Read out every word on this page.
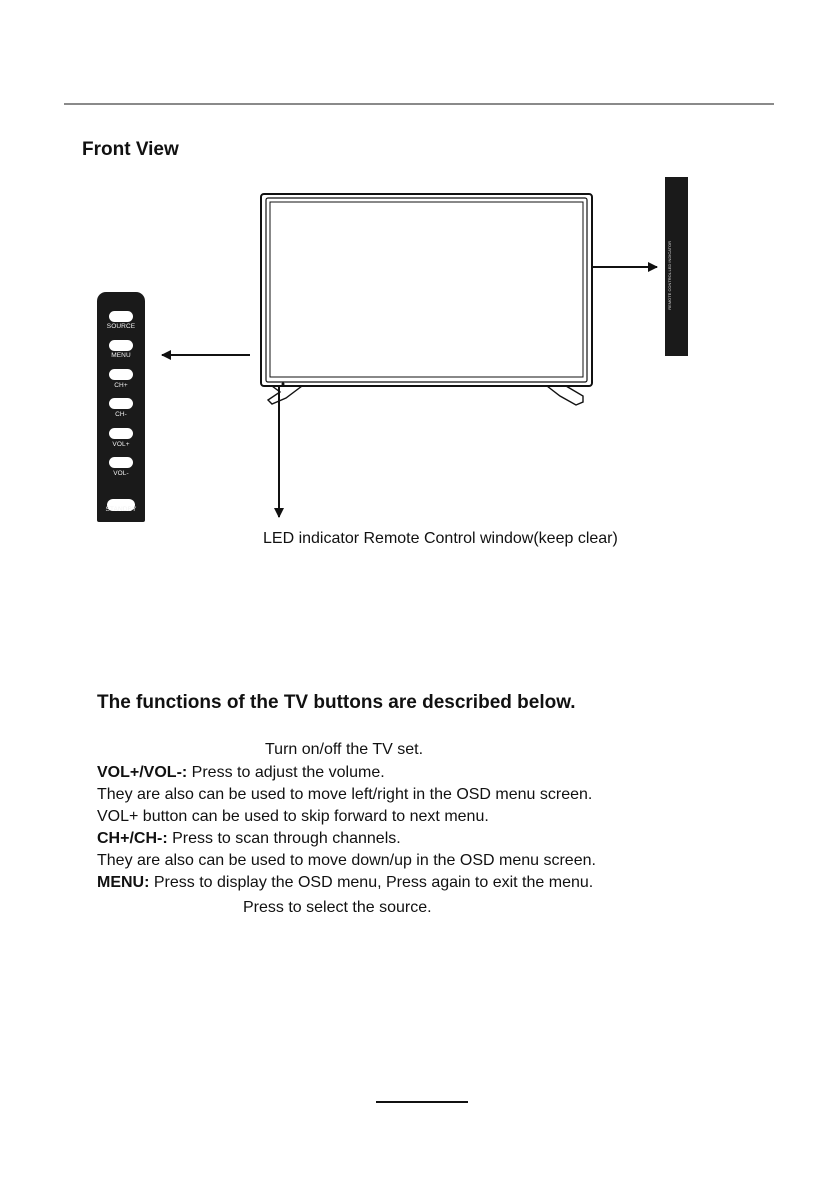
Front View
SOURCE
MENU
CH+
CH-
VOL+
VOL-
STANDBY
LED INDICATOR
REMOTE CONTROL
LED indicator Remote Control window(keep clear)
The functions of the TV buttons are described below.
Turn on/off the TV set.
VOL+/VOL-: Press to adjust the volume.
They are also can be used to move left/right in the OSD menu screen.
VOL+ button can be used to skip forward to next menu.
CH+/CH-: Press to scan through channels.
They are also can be used to move down/up in the OSD menu screen.
MENU: Press to display the OSD menu, Press again to exit the menu.
Press to select the source.
